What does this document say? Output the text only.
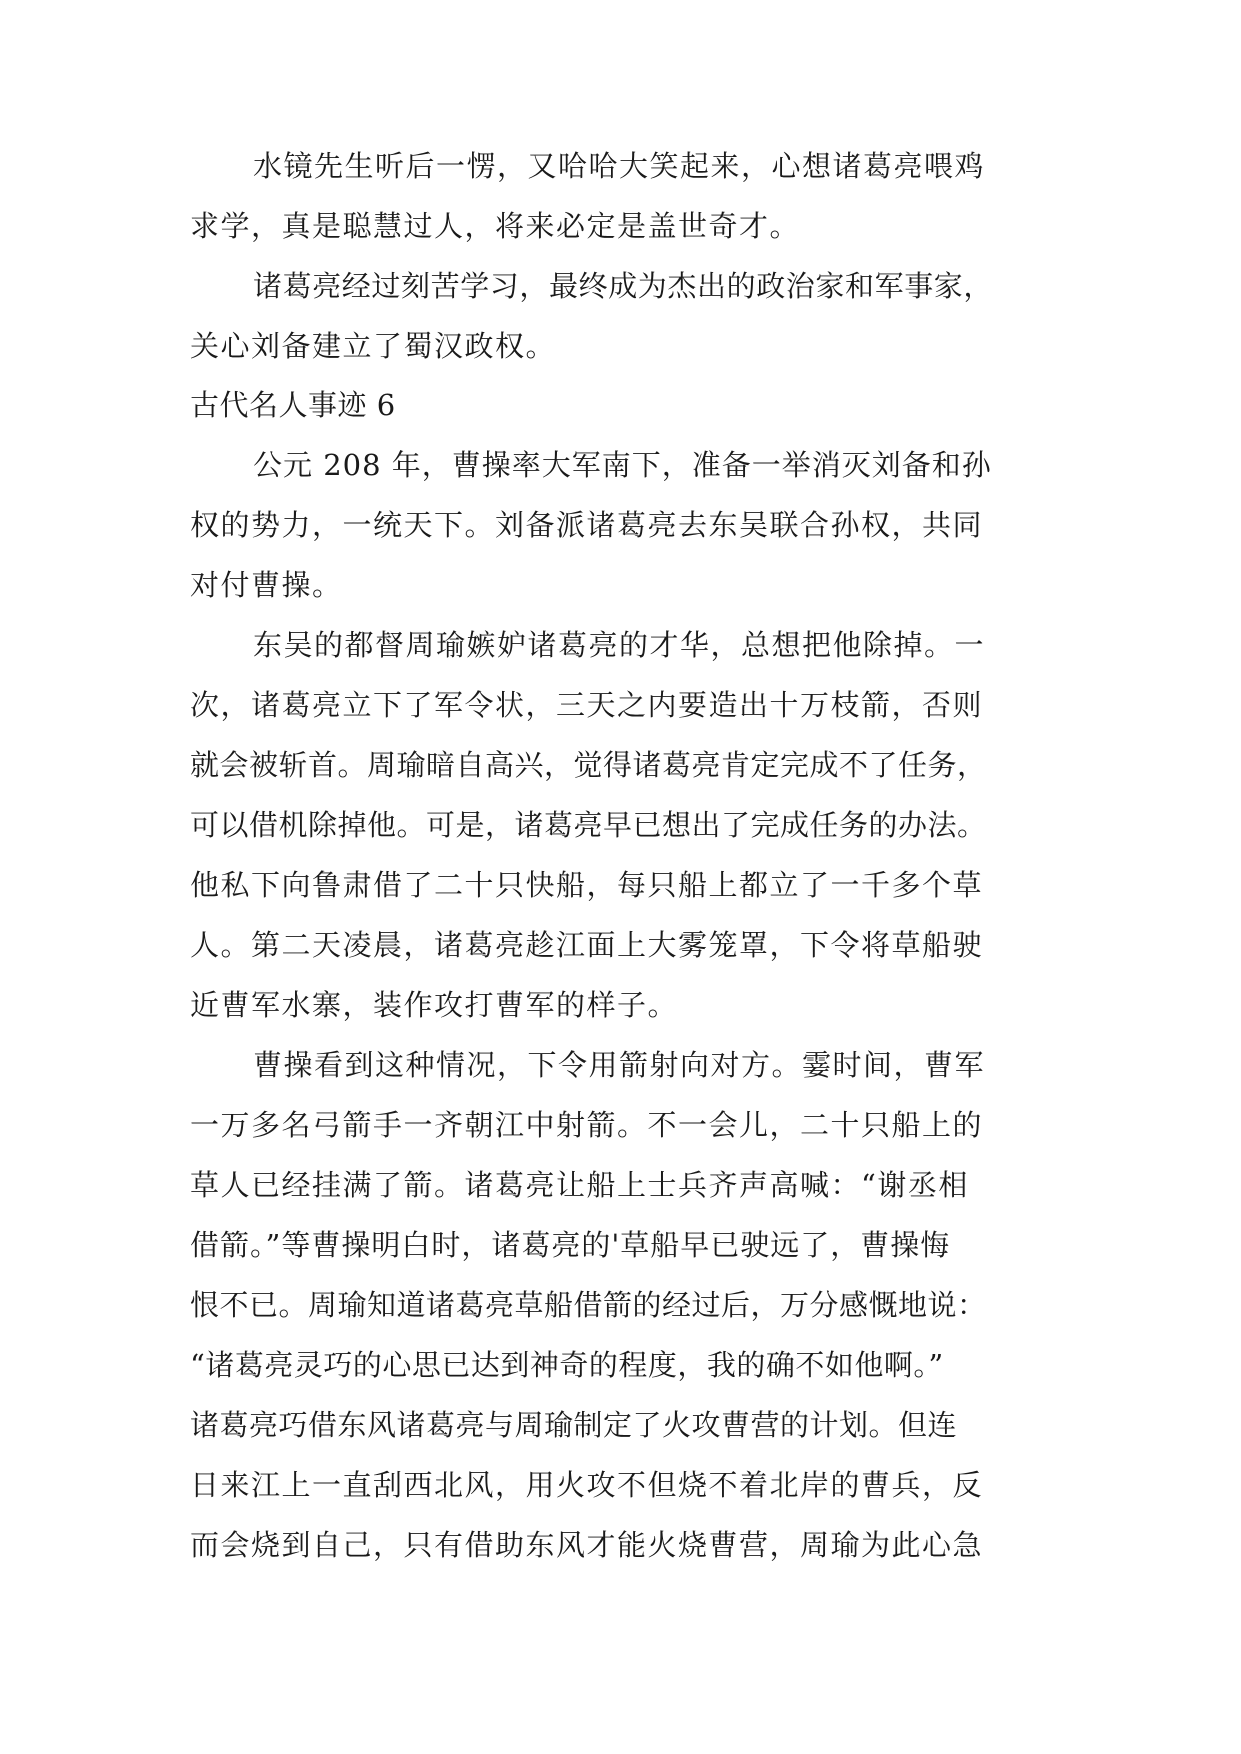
水镜先生听后一愣，又哈哈大笑起来，心想诸葛亮喂鸡
求学，真是聪慧过人，将来必定是盖世奇才。
诸葛亮经过刻苦学习，最终成为杰出的政治家和军事家，
关心刘备建立了蜀汉政权。
古代名人事迹 6
公元 208 年，曹操率大军南下，准备一举消灭刘备和孙
权的势力，一统天下。刘备派诸葛亮去东吴联合孙权，共同
对付曹操。
东吴的都督周瑜嫉妒诸葛亮的才华，总想把他除掉。一
次，诸葛亮立下了军令状，三天之内要造出十万枝箭，否则
就会被斩首。周瑜暗自高兴，觉得诸葛亮肯定完成不了任务，
可以借机除掉他。可是，诸葛亮早已想出了完成任务的办法。
他私下向鲁肃借了二十只快船，每只船上都立了一千多个草
人。第二天凌晨，诸葛亮趁江面上大雾笼罩，下令将草船驶
近曹军水寨，装作攻打曹军的样子。
曹操看到这种情况，下令用箭射向对方。霎时间，曹军
一万多名弓箭手一齐朝江中射箭。不一会儿，二十只船上的
草人已经挂满了箭。诸葛亮让船上士兵齐声高喊：“谢丞相
借箭。”等曹操明白时，诸葛亮的'草船早已驶远了，曹操悔
恨不已。周瑜知道诸葛亮草船借箭的经过后，万分感慨地说：
“诸葛亮灵巧的心思已达到神奇的程度，我的确不如他啊。”
诸葛亮巧借东风诸葛亮与周瑜制定了火攻曹营的计划。但连
日来江上一直刮西北风，用火攻不但烧不着北岸的曹兵，反
而会烧到自己，只有借助东风才能火烧曹营，周瑜为此心急
